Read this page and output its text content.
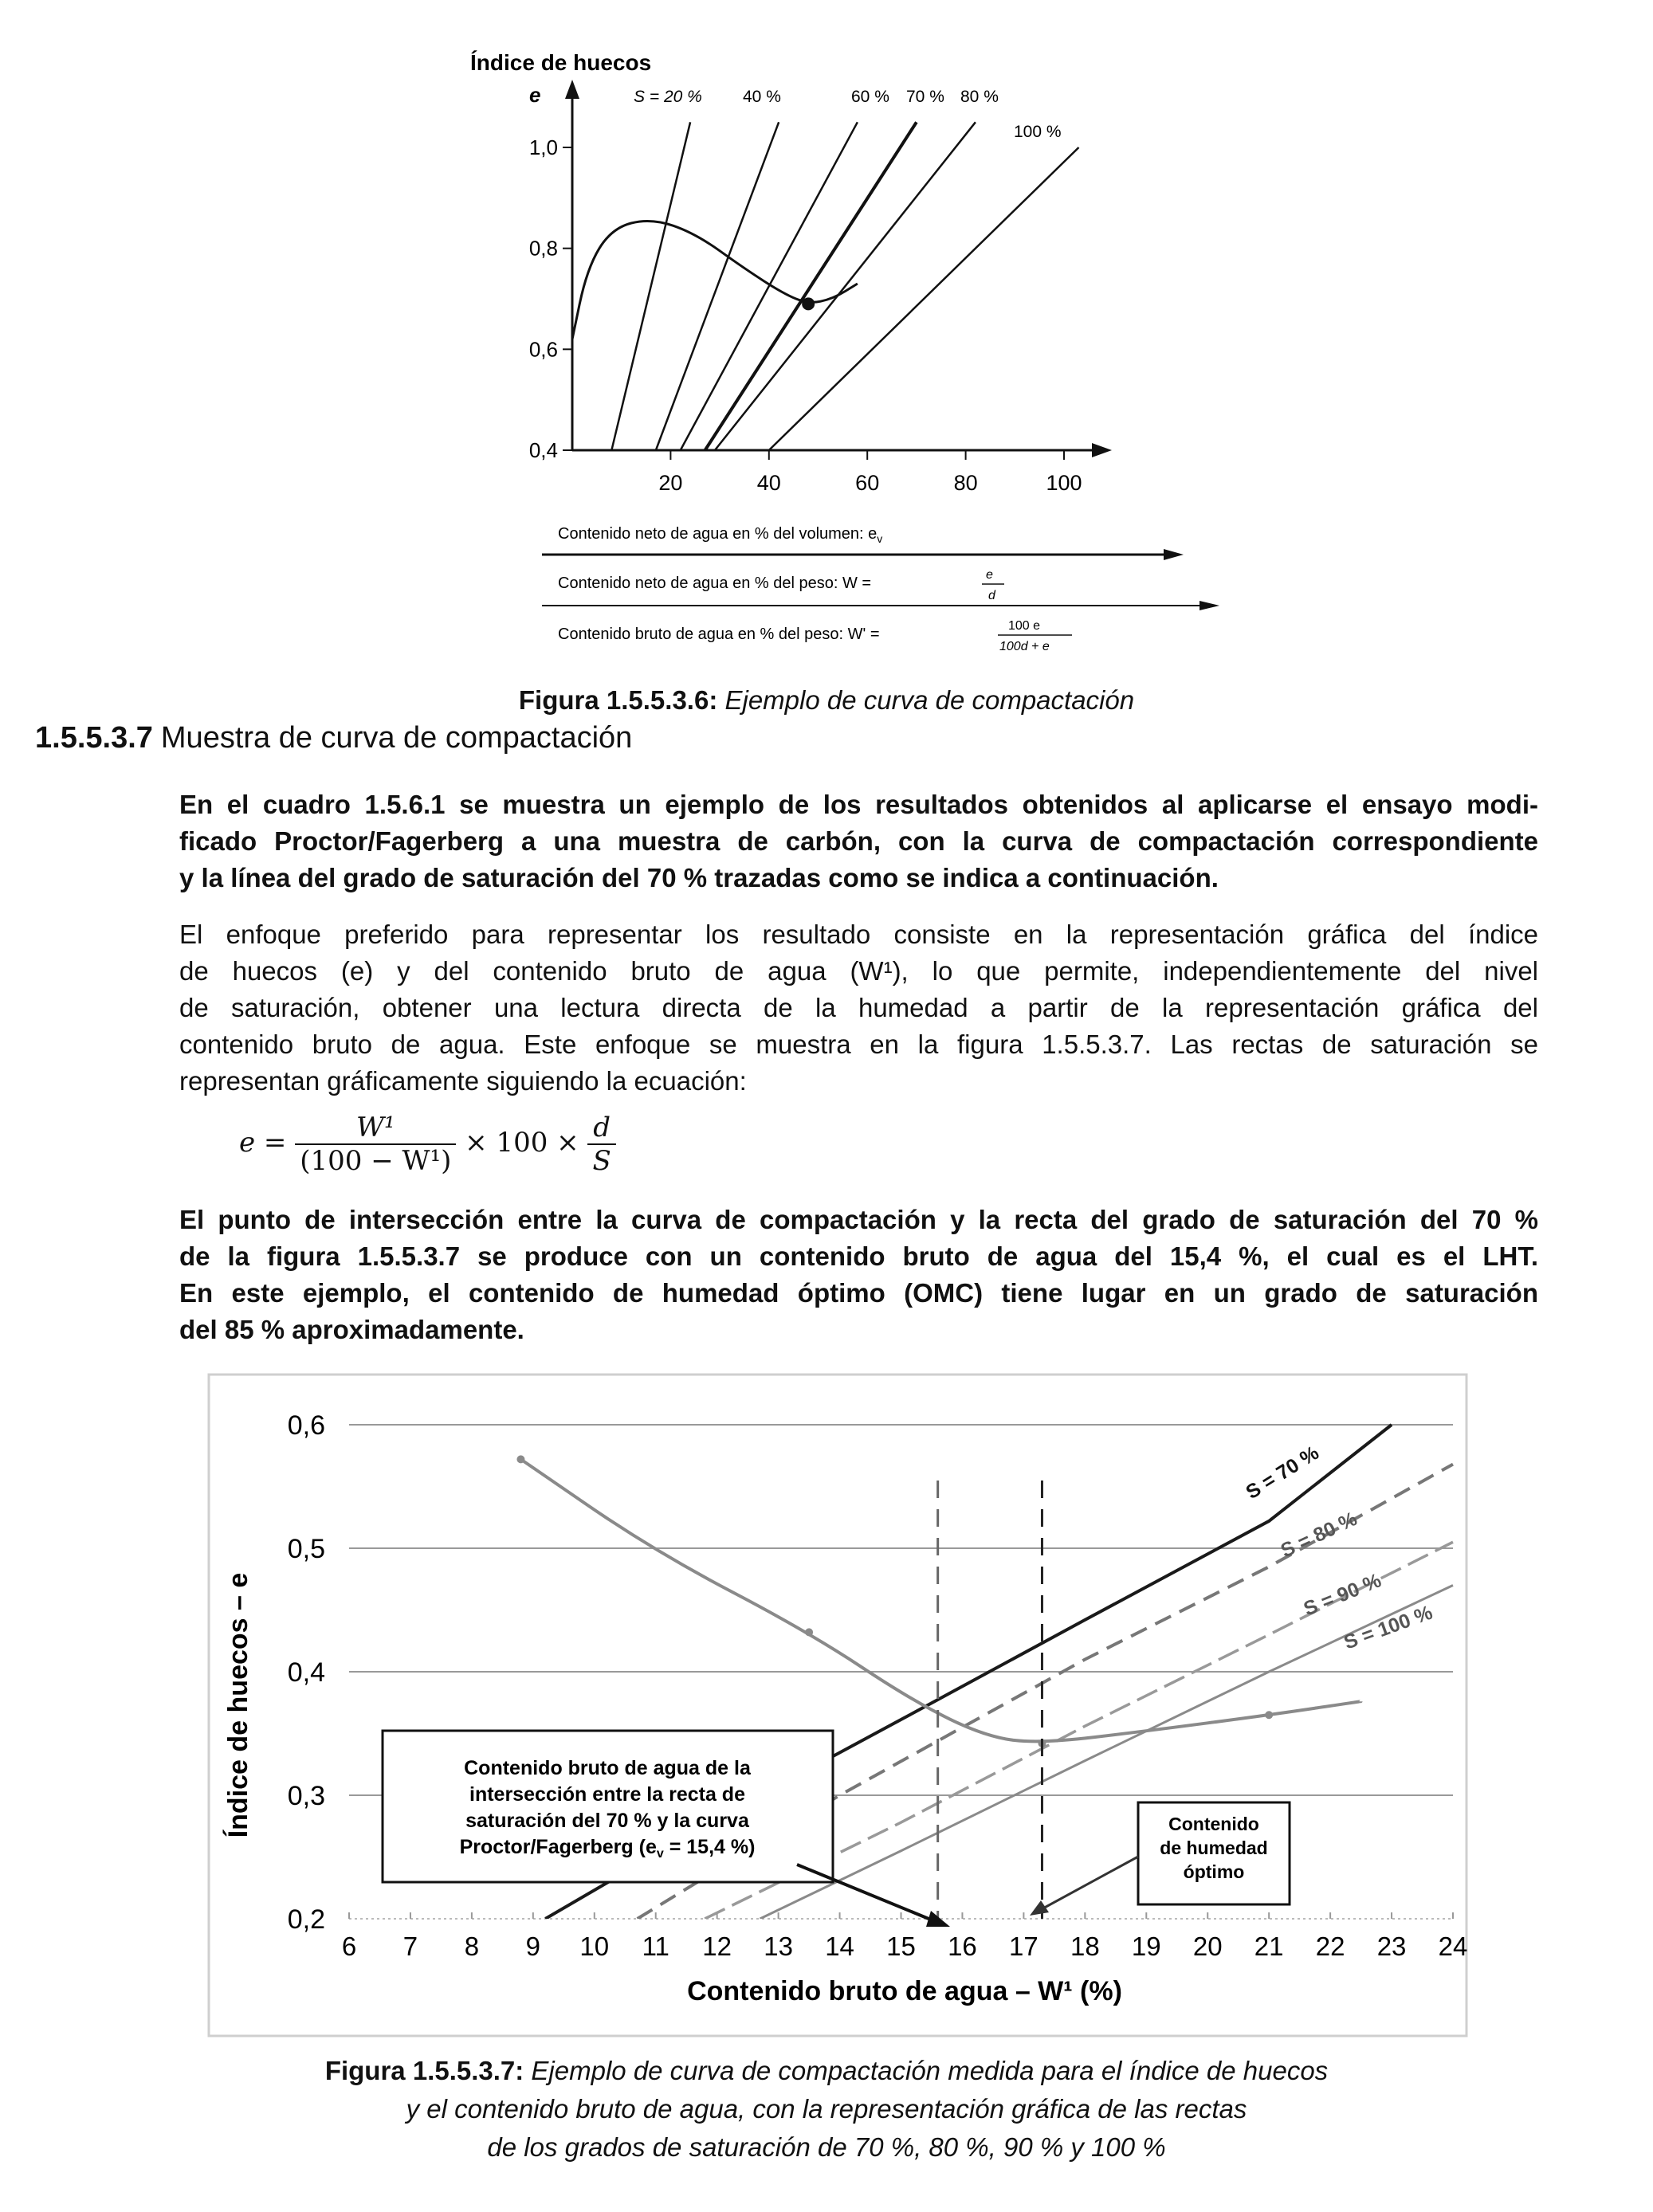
Índice de huecos
e
0,4
0,6
0,8
1,0
20	40	60	80	100
S = 20 % 40 %	60 % 70 % 80 %
100 %
Contenido neto de agua en % del volumen: $e_v$
Contenido neto de agua en % del peso: W =	e
d
Contenido bruto de agua en % del peso: W' =	100 e
100d + e
Figura 1.5.5.3.6: Ejemplo de curva de compactación
1.5.5.3.7 Muestra de curva de compactación
En el cuadro 1.5.6.1 se muestra un ejemplo de los resultados obtenidos al aplicarse el ensayo modi-
ficado Proctor/Fagerberg a una muestra de carbón, con la curva de compactación correspondiente
y la línea del grado de saturación del 70 % trazadas como se indica a continuación.
El enfoque preferido para representar los resultado consiste en la representación gráfica del índice
de huecos (e) y del contenido bruto de agua (W¹), lo que permite, independientemente del nivel
de saturación, obtener una lectura directa de la humedad a partir de la representación gráfica del
contenido bruto de agua. Este enfoque se muestra en la figura 1.5.5.3.7. Las rectas de saturación se
representan gráficamente siguiendo la ecuación:
$e = \frac{\text{W¹}}{\text{(100 − W¹)}} \times 100 \times \frac{d}{S}$
El punto de intersección entre la curva de compactación y la recta del grado de saturación del 70 %
de la figura 1.5.5.3.7 se produce con un contenido bruto de agua del 15,4 %, el cual es el LHT.
En este ejemplo, el contenido de humedad óptimo (OMC) tiene lugar en un grado de saturación
del 85 % aproximadamente.
0,2
0,3
0,4
0,5
0,6
6 7 8 9 10 11 12 13 14 15 16 17 18 19 20 21 22 23 24
S = 70 %
S = 80 %
S = 90 %
S = 100 %
Índice de huecos – e
Contenido bruto de agua – W¹ (%)
Contenido bruto de agua de la
intersección entre la recta de
saturación del 70 % y la curva
Proctor/Fagerberg ($e_v = 15,4$ %)
Contenido
de humedad
óptimo
Figura 1.5.5.3.7: Ejemplo de curva de compactación medida para el índice de huecos
y el contenido bruto de agua, con la representación gráfica de las rectas
de los grados de saturación de 70 %, 80 %, 90 % y 100 %
